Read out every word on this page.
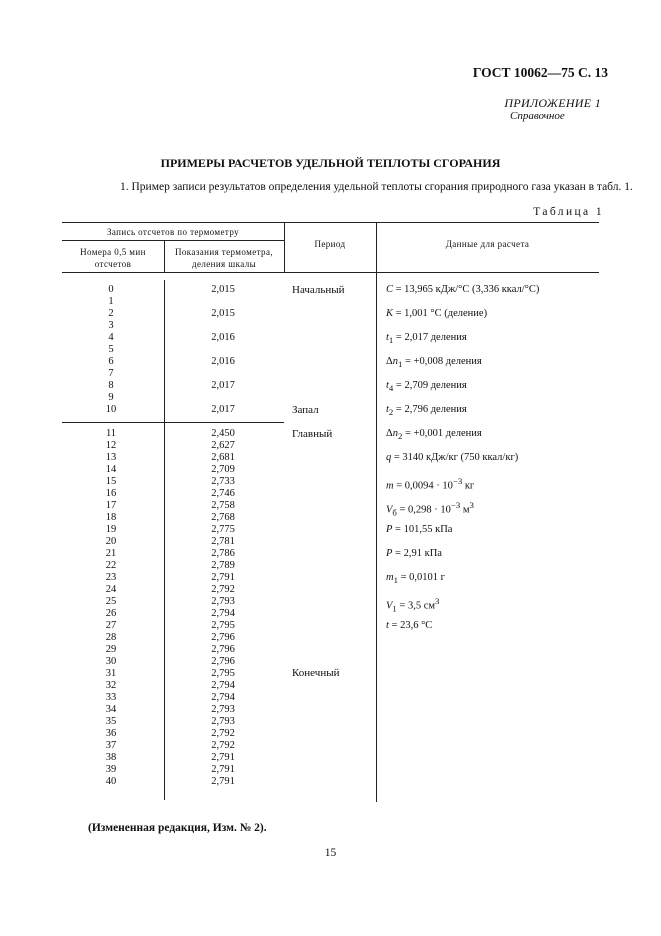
ГОСТ 10062—75 С. 13
ПРИЛОЖЕНИЕ 1
Справочное
ПРИМЕРЫ РАСЧЕТОВ УДЕЛЬНОЙ ТЕПЛОТЫ СГОРАНИЯ
1. Пример записи результатов определения удельной теплоты сгорания природного газа указан в табл. 1.
Таблица 1
Запись отсчетов по термометру
Номера 0,5 мин
отсчетов
Показания термометра,
деления шкалы
Период	Данные для расчета
0
1
2
3
4
5
6
7
8
9
10
11
12
13
14
15
16
17
18
19
20
21
22
23
24
25
26
27
28
29
30
31
32
33
34
35
36
37
38
39
40
2,015
2,015
2,016
2,016
2,017
2,017
2,450
2,627
2,681
2,709
2,733
2,746
2,758
2,768
2,775
2,781
2,786
2,789
2,791
2,792
2,793
2,794
2,795
2,796
2,796
2,796
2,795
2,794
2,794
2,793
2,793
2,792
2,792
2,791
2,791
2,791
Начальный
Запал
Главный
Конечный
C = 13,965 кДж/°C (3,336 ккал/°С)
K = 1,001 °С (деление)
$t_1 = 2,017$ деления
$\Delta n_1 = +0,008$ деления
$t_4 = 2,709$ деления
$t_2 = 2,796$ деления
$\Delta n_2 = +0,001$ деления
q = 3140 кДж/кг (750 ккал/кг)
$m = 0,0094 \cdot 10^{-3}$ кг
$V_б = 0,298 \cdot 10^{-3}$ $м^3$
P = 101,55 кПа
P = 2,91 кПа
$m_1 = 0,0101$ г
$V_1 = 3,5$ $см^3$
t = 23,6 °С
(Измененная редакция, Изм. № 2).
15
